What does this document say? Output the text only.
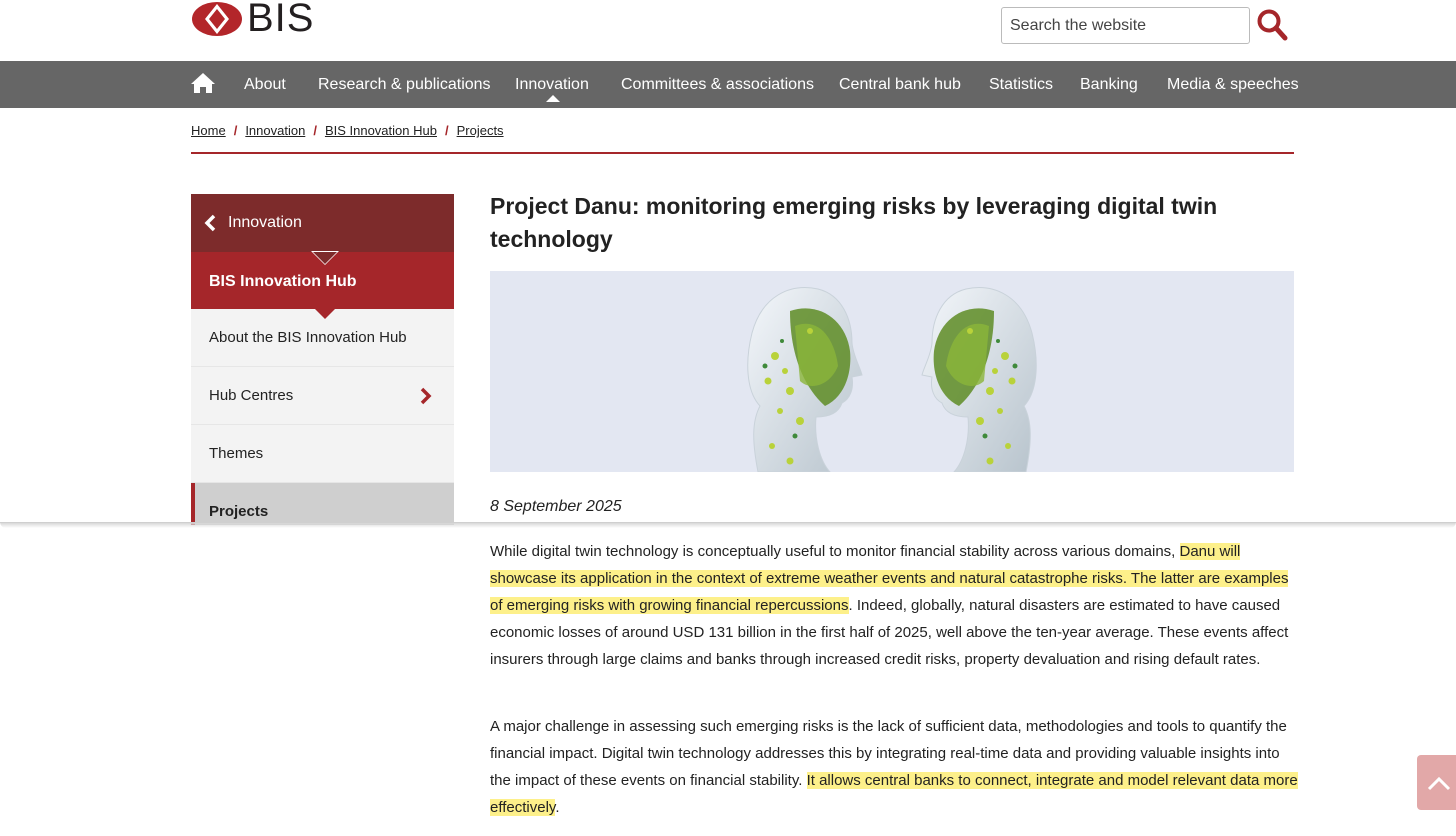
BIS
Search the website
About Research & publications Innovation Committees & associations Central bank hub Statistics Banking Media & speeches
Home / Innovation / BIS Innovation Hub / Projects
Innovation
BIS Innovation Hub
About the BIS Innovation Hub
Hub Centres
Themes
Projects
Project Danu: monitoring emerging risks by leveraging digital twin technology
8 September 2025

While digital twin technology is conceptually useful to monitor financial stability across various domains, Danu will showcase its application in the context of extreme weather events and natural catastrophe risks. The latter are examples of emerging risks with growing financial repercussions. Indeed, globally, natural disasters are estimated to have caused economic losses of around USD 131 billion in the first half of 2025, well above the ten-year average. These events affect insurers through large claims and banks through increased credit risks, property devaluation and rising default rates.

A major challenge in assessing such emerging risks is the lack of sufficient data, methodologies and tools to quantify the financial impact. Digital twin technology addresses this by integrating real-time data and providing valuable insights into the impact of these events on financial stability. It allows central banks to connect, integrate and model relevant data more effectively.
